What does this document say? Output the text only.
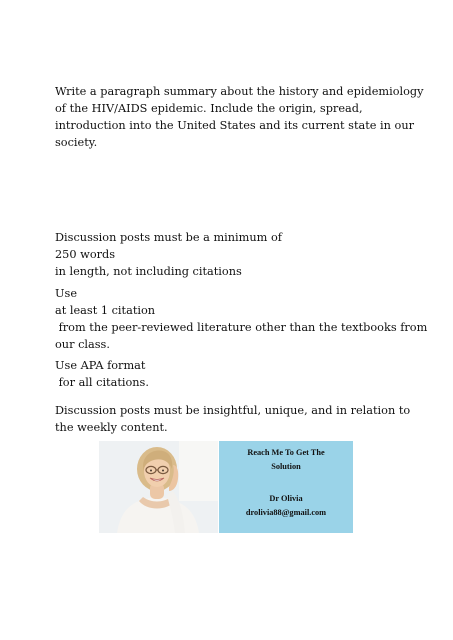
Write a paragraph summary about the history and epidemiology
of the HIV/AIDS epidemic. Include the origin, spread,
introduction into the United States and its current state in our
society.
Discussion posts must be a minimum of
250 words
in length, not including citations
Use
at least 1 citation
from the peer-reviewed literature other than the textbooks from
our class.
Use APA format
for all citations.
Discussion posts must be insightful, unique, and in relation to
the weekly content.
Reach Me To Get The
Solution
Dr Olivia
drolivia88@gmail.com
